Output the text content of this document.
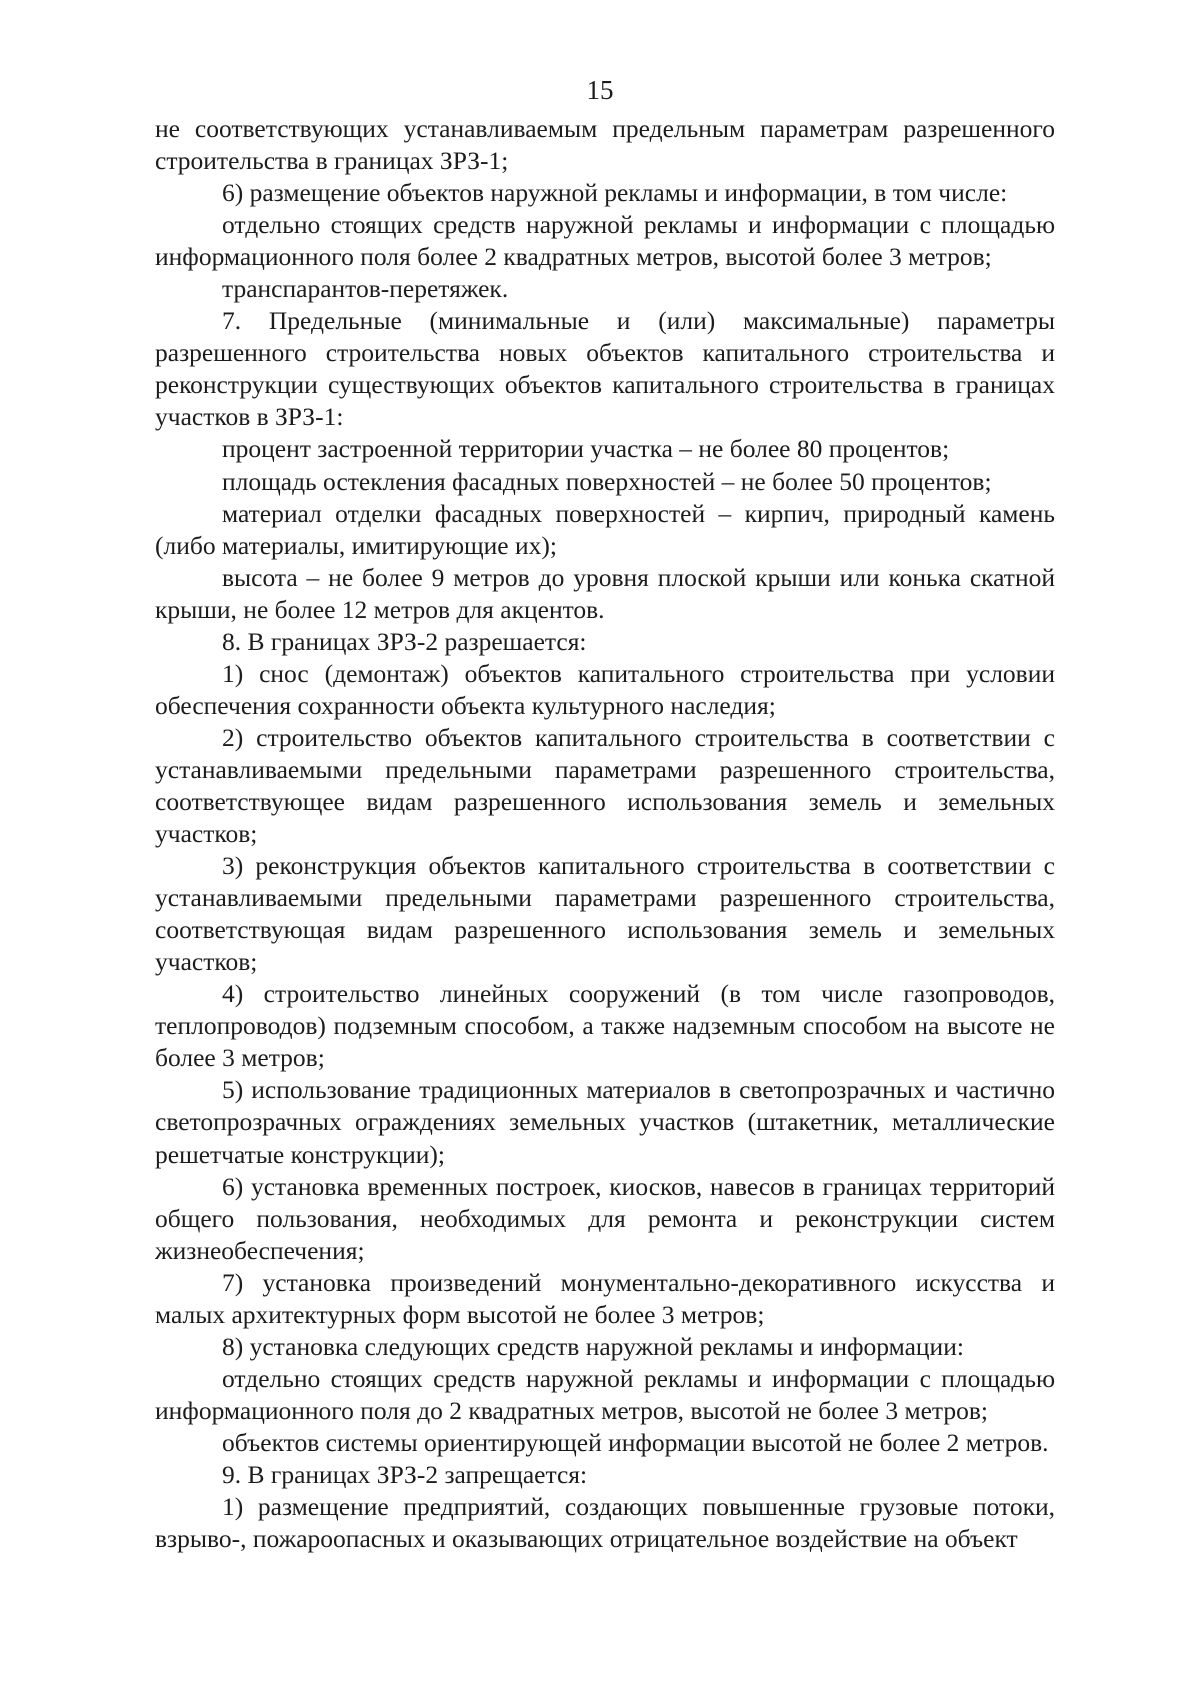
15

не соответствующих устанавливаемым предельным параметрам разрешенного строительства в границах ЗРЗ-1;

6) размещение объектов наружной рекламы и информации, в том числе:

отдельно стоящих средств наружной рекламы и информации с площадью информационного поля более 2 квадратных метров, высотой более 3 метров;

транспарантов-перетяжек.

7. Предельные (минимальные и (или) максимальные) параметры разрешенного строительства новых объектов капитального строительства и реконструкции существующих объектов капитального строительства в границах участков в ЗРЗ-1:

процент застроенной территории участка – не более 80 процентов;

площадь остекления фасадных поверхностей – не более 50 процентов;

материал отделки фасадных поверхностей – кирпич, природный камень (либо материалы, имитирующие их);

высота – не более 9 метров до уровня плоской крыши или конька скатной крыши, не более 12 метров для акцентов.

8. В границах ЗРЗ-2 разрешается:

1) снос (демонтаж) объектов капитального строительства при условии обеспечения сохранности объекта культурного наследия;

2) строительство объектов капитального строительства в соответствии с устанавливаемыми предельными параметрами разрешенного строительства, соответствующее видам разрешенного использования земель и земельных участков;

3) реконструкция объектов капитального строительства в соответствии с устанавливаемыми предельными параметрами разрешенного строительства, соответствующая видам разрешенного использования земель и земельных участков;

4) строительство линейных сооружений (в том числе газопроводов, теплопроводов) подземным способом, а также надземным способом на высоте не более 3 метров;

5) использование традиционных материалов в светопрозрачных и частично светопрозрачных ограждениях земельных участков (штакетник, металлические решетчатые конструкции);

6) установка временных построек, киосков, навесов в границах территорий общего пользования, необходимых для ремонта и реконструкции систем жизнеобеспечения;

7) установка произведений монументально-декоративного искусства и малых архитектурных форм высотой не более 3 метров;

8) установка следующих средств наружной рекламы и информации:

отдельно стоящих средств наружной рекламы и информации с площадью информационного поля до 2 квадратных метров, высотой не более 3 метров;

объектов системы ориентирующей информации высотой не более 2 метров.

9. В границах ЗРЗ-2 запрещается:

1) размещение предприятий, создающих повышенные грузовые потоки, взрыво-, пожароопасных и оказывающих отрицательное воздействие на объект
